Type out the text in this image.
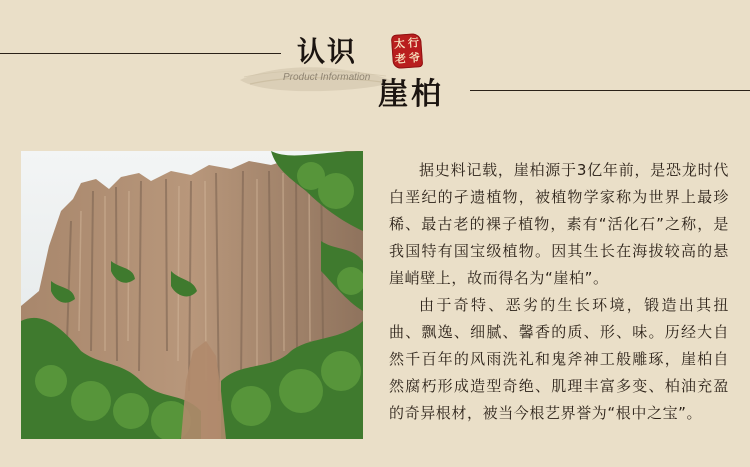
认识
Product Information
太 行
老 爷
崖柏

据史料记载，崖柏源于3亿年前，是恐龙时代白垩纪的孑遗植物，被植物学家称为世界上最珍稀、最古老的裸子植物，素有“活化石”之称，是我国特有国宝级植物。因其生长在海拔较高的悬崖峭壁上，故而得名为“崖柏”。

由于奇特、恶劣的生长环境，锻造出其扭曲、飘逸、细腻、馨香的质、形、味。历经大自然千百年的风雨洗礼和鬼斧神工般雕琢，崖柏自然腐朽形成造型奇绝、肌理丰富多变、柏油充盈的奇异根材，被当今根艺界誉为“根中之宝”。
